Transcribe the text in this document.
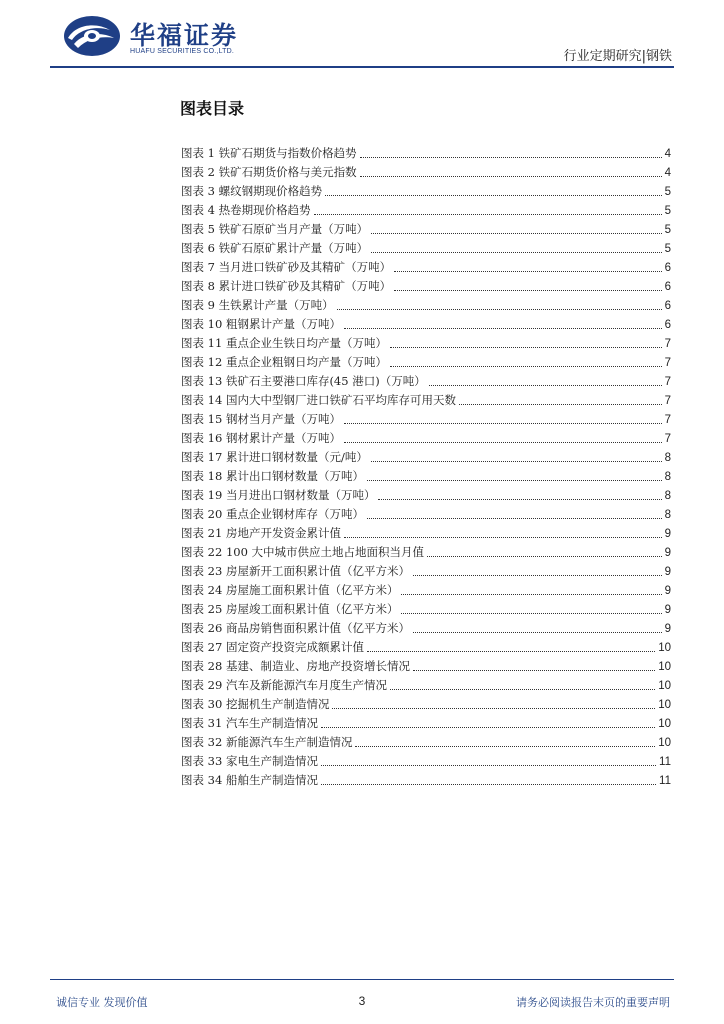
华福证券
HUAFU SECURITIES CO.,LTD.	行业定期研究|钢铁
图表目录
图表 1 铁矿石期货与指数价格趋势	4
图表 2 铁矿石期货价格与美元指数	4
图表 3 螺纹钢期现价格趋势	5
图表 4 热卷期现价格趋势	5
图表 5 铁矿石原矿当月产量（万吨）	5
图表 6 铁矿石原矿累计产量（万吨）	5
图表 7 当月进口铁矿砂及其精矿（万吨）	6
图表 8 累计进口铁矿砂及其精矿（万吨）	6
图表 9 生铁累计产量（万吨）	6
图表 10 粗钢累计产量（万吨）	6
图表 11 重点企业生铁日均产量（万吨）	7
图表 12 重点企业粗钢日均产量（万吨）	7
图表 13 铁矿石主要港口库存(45 港口)（万吨）	7
图表 14 国内大中型钢厂进口铁矿石平均库存可用天数	7
图表 15 钢材当月产量（万吨）	7
图表 16 钢材累计产量（万吨）	7
图表 17 累计进口钢材数量（元/吨）	8
图表 18 累计出口钢材数量（万吨）	8
图表 19 当月进出口钢材数量（万吨）	8
图表 20 重点企业钢材库存（万吨）	8
图表 21 房地产开发资金累计值	9
图表 22 100 大中城市供应土地占地面积当月值	9
图表 23 房屋新开工面积累计值（亿平方米）	9
图表 24 房屋施工面积累计值（亿平方米）	9
图表 25 房屋竣工面积累计值（亿平方米）	9
图表 26 商品房销售面积累计值（亿平方米）	9
图表 27 固定资产投资完成额累计值	10
图表 28 基建、制造业、房地产投资增长情况	10
图表 29 汽车及新能源汽车月度生产情况	10
图表 30 挖掘机生产制造情况	10
图表 31 汽车生产制造情况	10
图表 32 新能源汽车生产制造情况	10
图表 33 家电生产制造情况	11
图表 34 船舶生产制造情况	11
诚信专业 发现价值	3	请务必阅读报告末页的重要声明
